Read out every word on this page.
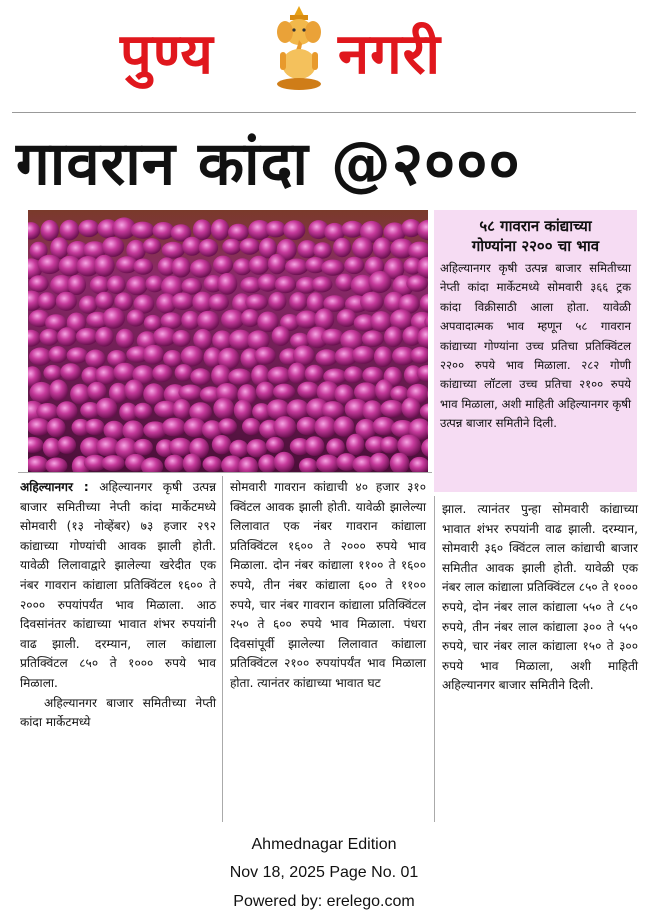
पुण्य नगरी
गावरान कांदा @२०००
५८ गावरान कांद्याच्या
गोण्यांना २२०० चा भाव
अहिल्यानगर कृषी उत्पन्न बाजार समितीच्या नेप्ती कांदा मार्केटमध्ये सोमवारी ३६६ ट्रक कांदा विक्रीसाठी आला होता. यावेळी अपवादात्मक भाव म्हणून ५८ गावरान कांद्याच्या गोण्यांना उच्च प्रतिचा प्रतिक्विंटल २२०० रुपये भाव मिळाला. २८२ गोणी कांद्याच्या लॉटला उच्च प्रतिचा २१०० रुपये भाव मिळाला, अशी माहिती अहिल्यानगर कृषी उत्पन्न बाजार समितीने दिली.

अहिल्यानगर : अहिल्यानगर कृषी उत्पन्न बाजार समितीच्या नेप्ती कांदा मार्केटमध्ये सोमवारी (१३ नोव्हेंबर) ७३ हजार २९२ कांद्याच्या गोण्यांची आवक झाली होती. यावेळी लिलावाद्वारे झालेल्या खरेदीत एक नंबर गावरान कांद्याला प्रतिक्विंटल १६०० ते २००० रुपयांपर्यंत भाव मिळाला. आठ दिवसांनंतर कांद्याच्या भावात शंभर रुपयांनी वाढ झाली. दरम्यान, लाल कांद्याला प्रतिक्विंटल ८५० ते १००० रुपये भाव मिळाला.

अहिल्यानगर बाजार समितीच्या नेप्ती कांदा मार्केटमध्ये

सोमवारी गावरान कांद्याची ४० हजार ३१० क्विंटल आवक झाली होती. यावेळी झालेल्या लिलावात एक नंबर गावरान कांद्याला प्रतिक्विंटल १६०० ते २००० रुपये भाव मिळाला. दोन नंबर कांद्याला ११०० ते १६०० रुपये, तीन नंबर कांद्याला ६०० ते ११०० रुपये, चार नंबर गावरान कांद्याला प्रतिक्विंटल २५० ते ६०० रुपये भाव मिळाला. पंधरा दिवसांपूर्वी झालेल्या लिलावात कांद्याला प्रतिक्विंटल २१०० रुपयांपर्यंत भाव मिळाला होता. त्यानंतर कांद्याच्या भावात घट

झाल. त्यानंतर पुन्हा सोमवारी कांद्याच्या भावात शंभर रुपयांनी वाढ झाली. दरम्यान, सोमवारी ३६० क्विंटल लाल कांद्याची बाजार समितीत आवक झाली होती. यावेळी एक नंबर लाल कांद्याला प्रतिक्विंटल ८५० ते १००० रुपये, दोन नंबर लाल कांद्याला ५५० ते ८५० रुपये, तीन नंबर लाल कांद्याला ३०० ते ५५० रुपये, चार नंबर लाल कांद्याला १५० ते ३०० रुपये भाव मिळाला, अशी माहिती अहिल्यानगर बाजार समितीने दिली.

Ahmednagar Edition
Nov 18, 2025 Page No. 01
Powered by: erelego.com
